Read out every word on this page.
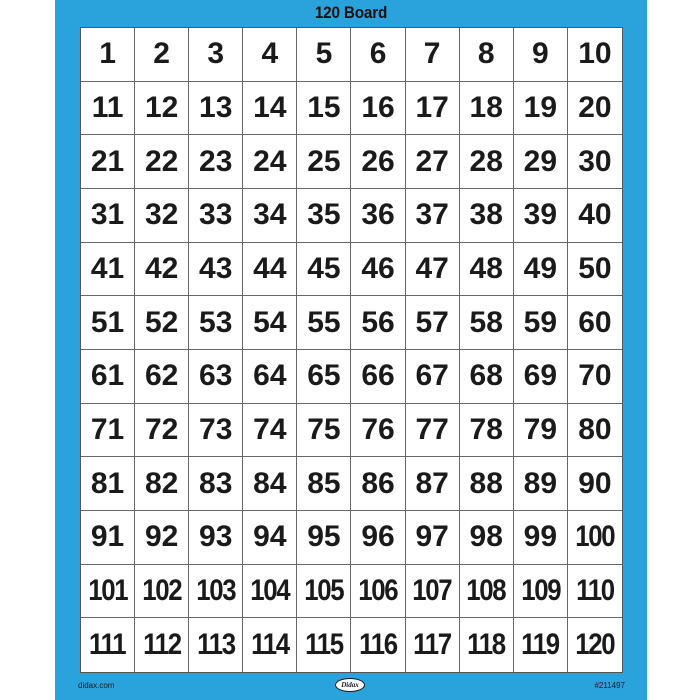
120 Board
1 2 3 4 5 6 7 8 9 10
11 12 13 14 15 16 17 18 19 20
21 22 23 24 25 26 27 28 29 30
31 32 33 34 35 36 37 38 39 40
41 42 43 44 45 46 47 48 49 50
51 52 53 54 55 56 57 58 59 60
61 62 63 64 65 66 67 68 69 70
71 72 73 74 75 76 77 78 79 80
81 82 83 84 85 86 87 88 89 90
91 92 93 94 95 96 97 98 99 100
101 102 103 104 105 106 107 108 109 110
111 112 113 114 115 116 117 118 119 120
didax.com	Didax	#211497
